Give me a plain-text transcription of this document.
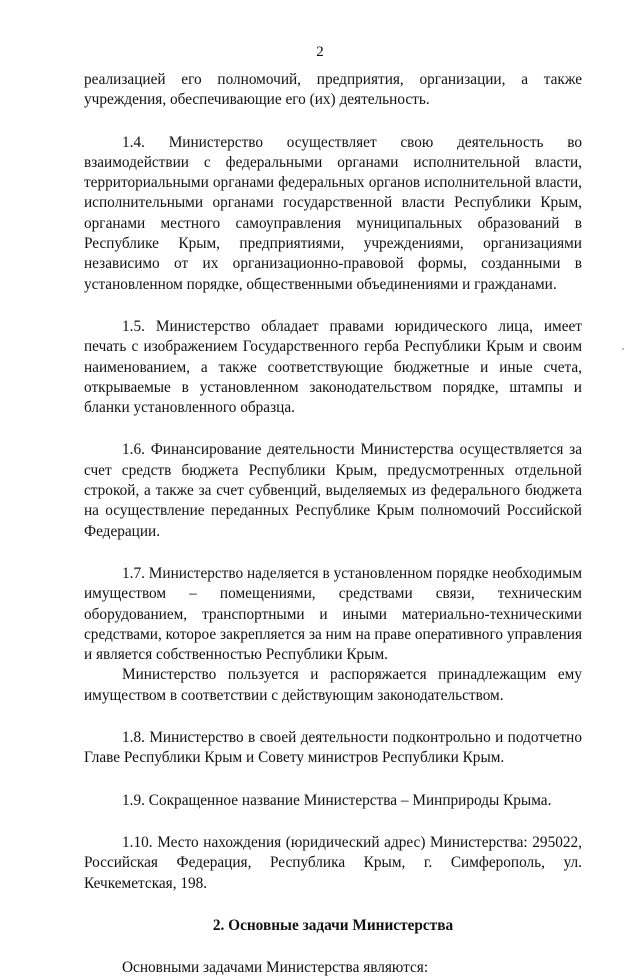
2

реализацией его полномочий, предприятия, организации, а также учреждения, обеспечивающие его (их) деятельность.

1.4. Министерство осуществляет свою деятельность во взаимодействии с федеральными органами исполнительной власти, территориальными органами федеральных органов исполнительной власти, исполнительными органами государственной власти Республики Крым, органами местного самоуправления муниципальных образований в Республике Крым, предприятиями, учреждениями, организациями независимо от их организационно-правовой формы, созданными в установленном порядке, общественными объединениями и гражданами.

1.5. Министерство обладает правами юридического лица, имеет печать с изображением Государственного герба Республики Крым и своим наименованием, а также соответствующие бюджетные и иные счета, открываемые в установленном законодательством порядке, штампы и бланки установленного образца.

1.6. Финансирование деятельности Министерства осуществляется за счет средств бюджета Республики Крым, предусмотренных отдельной строкой, а также за счет субвенций, выделяемых из федерального бюджета на осуществление переданных Республике Крым полномочий Российской Федерации.

1.7. Министерство наделяется в установленном порядке необходимым имуществом – помещениями, средствами связи, техническим оборудованием, транспортными и иными материально-техническими средствами, которое закрепляется за ним на праве оперативного управления и является собственностью Республики Крым.

Министерство пользуется и распоряжается принадлежащим ему имуществом в соответствии с действующим законодательством.

1.8. Министерство в своей деятельности подконтрольно и подотчетно Главе Республики Крым и Совету министров Республики Крым.

1.9. Сокращенное название Министерства – Минприроды Крыма.

1.10. Место нахождения (юридический адрес) Министерства: 295022, Российская Федерация, Республика Крым, г. Симферополь, ул. Кечкеметская, 198.

2. Основные задачи Министерства

Основными задачами Министерства являются:
